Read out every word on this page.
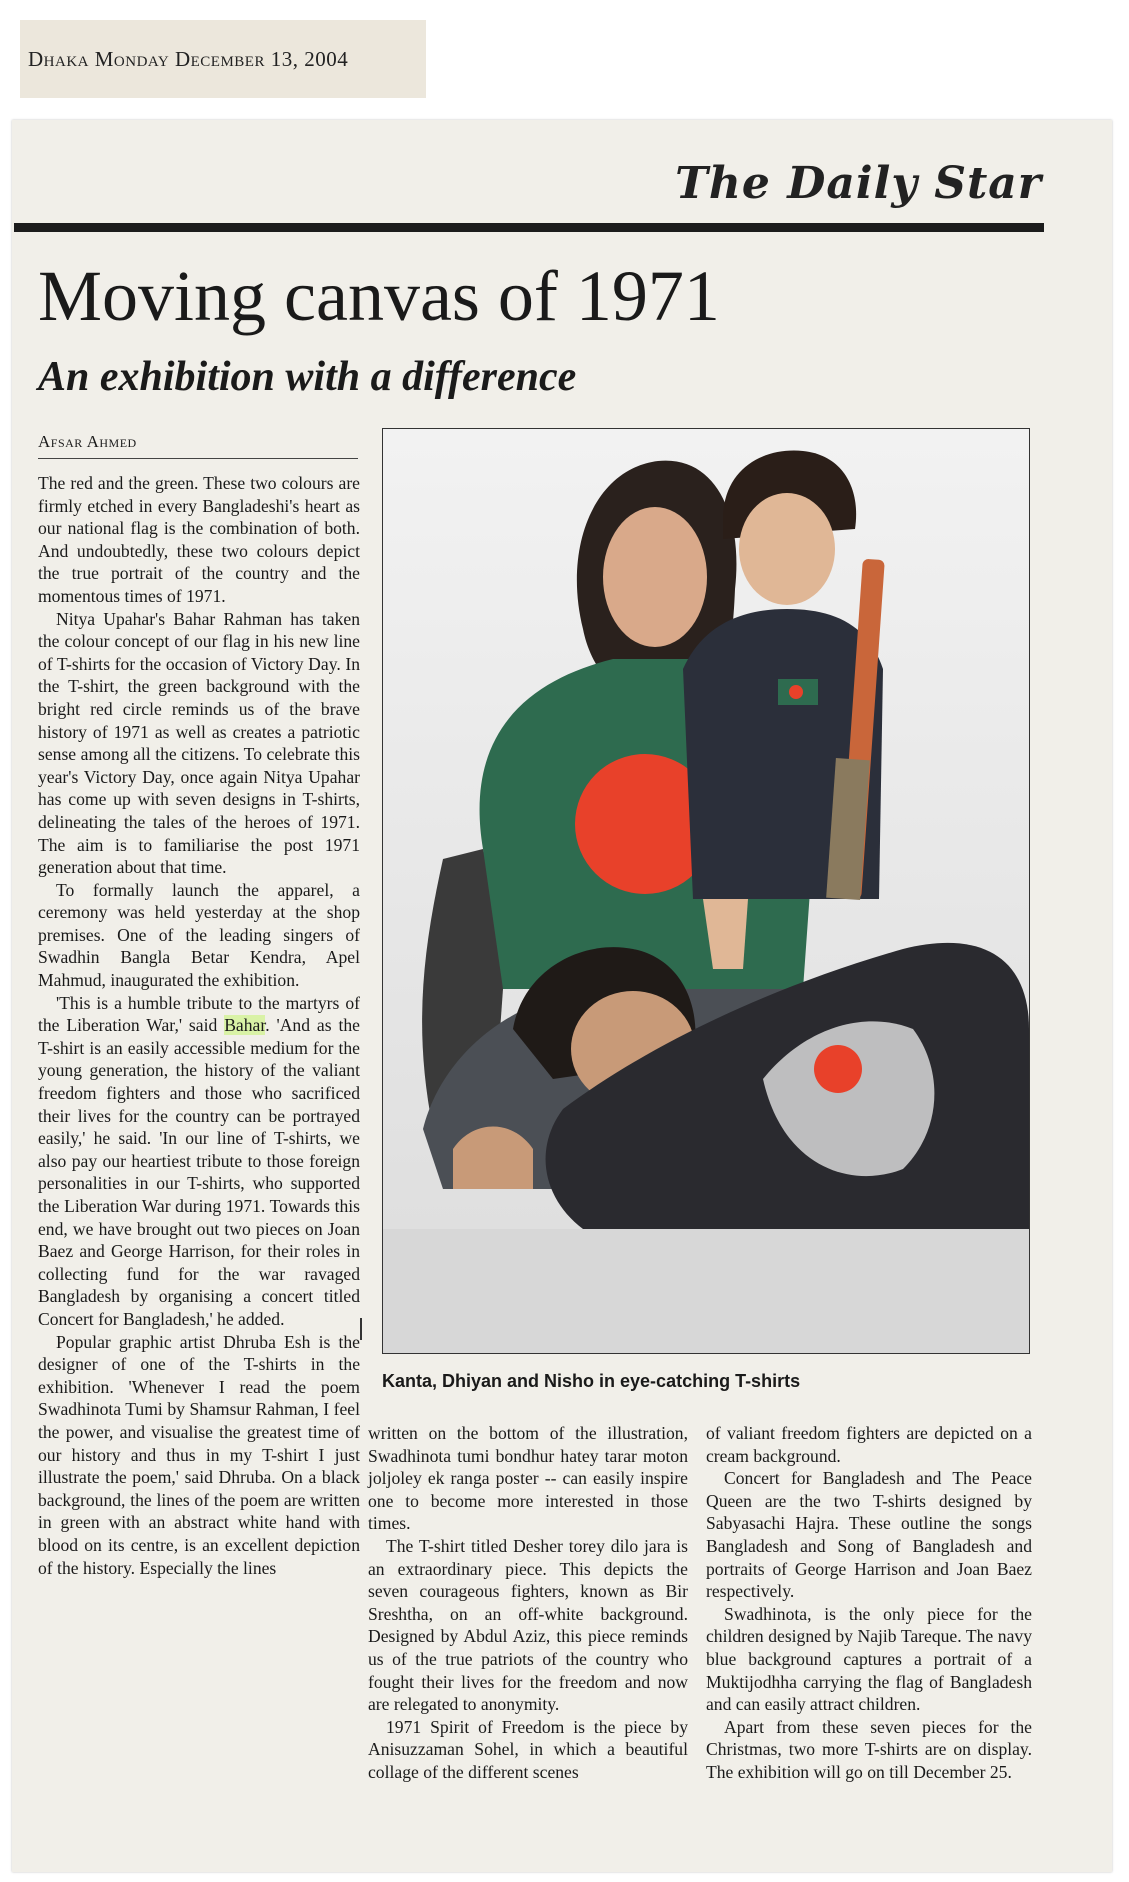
Dhaka Monday December 13, 2004
The Daily Star
Moving canvas of 1971
An exhibition with a difference
Afsar Ahmed

The red and the green. These two colours are firmly etched in every Bangladeshi's heart as our national flag is the combination of both. And undoubtedly, these two colours depict the true portrait of the country and the momentous times of 1971.

Nitya Upahar's Bahar Rahman has taken the colour concept of our flag in his new line of T-shirts for the occasion of Victory Day. In the T-shirt, the green background with the bright red circle reminds us of the brave history of 1971 as well as creates a patriotic sense among all the citizens. To celebrate this year's Victory Day, once again Nitya Upahar has come up with seven designs in T-shirts, delineating the tales of the heroes of 1971. The aim is to familiarise the post 1971 generation about that time.

To formally launch the apparel, a ceremony was held yesterday at the shop premises. One of the leading singers of Swadhin Bangla Betar Kendra, Apel Mahmud, inaugurated the exhibition.

'This is a humble tribute to the martyrs of the Liberation War,' said Bahar. 'And as the T-shirt is an easily accessible medium for the young generation, the history of the valiant freedom fighters and those who sacrificed their lives for the country can be portrayed easily,' he said. 'In our line of T-shirts, we also pay our heartiest tribute to those foreign personalities in our T-shirts, who supported the Liberation War during 1971. Towards this end, we have brought out two pieces on Joan Baez and George Harrison, for their roles in collecting fund for the war ravaged Bangladesh by organising a concert titled Concert for Bangladesh,' he added.

Popular graphic artist Dhruba Esh is the designer of one of the T-shirts in the exhibition. 'Whenever I read the poem Swadhinota Tumi by Shamsur Rahman, I feel the power, and visualise the greatest time of our history and thus in my T-shirt I just illustrate the poem,' said Dhruba. On a black background, the lines of the poem are written in green with an abstract white hand with blood on its centre, is an excellent depiction of the history. Especially the lines

Kanta, Dhiyan and Nisho in eye-catching T-shirts

written on the bottom of the illustration, Swadhinota tumi bondhur hatey tarar moton joljoley ek ranga poster -- can easily inspire one to become more interested in those times.

The T-shirt titled Desher torey dilo jara is an extraordinary piece. This depicts the seven courageous fighters, known as Bir Sreshtha, on an off-white background. Designed by Abdul Aziz, this piece reminds us of the true patriots of the country who fought their lives for the freedom and now are relegated to anonymity.

1971 Spirit of Freedom is the piece by Anisuzzaman Sohel, in which a beautiful collage of the different scenes

of valiant freedom fighters are depicted on a cream background.

Concert for Bangladesh and The Peace Queen are the two T-shirts designed by Sabyasachi Hajra. These outline the songs Bangladesh and Song of Bangladesh and portraits of George Harrison and Joan Baez respectively.

Swadhinota, is the only piece for the children designed by Najib Tareque. The navy blue background captures a portrait of a Muktijodhha carrying the flag of Bangladesh and can easily attract children.

Apart from these seven pieces for the Christmas, two more T-shirts are on display. The exhibition will go on till December 25.
